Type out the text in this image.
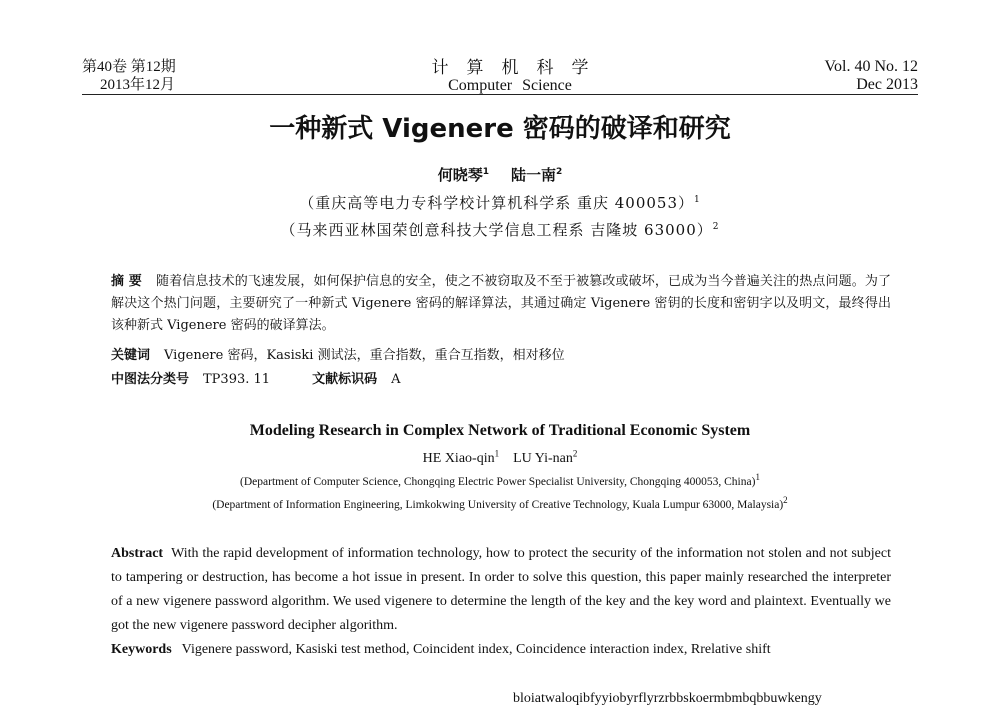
第40卷 第12期
2013年12月
计算机科学
Computer Science
Vol. 40 No. 12
Dec 2013
一种新式 Vigenere 密码的破译和研究
何晓琴$^1$ 陆一南$^2$
（重庆高等电力专科学校计算机科学系 重庆 400053）$^1$
（马来西亚林国荣创意科技大学信息工程系 吉隆坡 63000）$^2$
摘 要 随着信息技术的飞速发展，如何保护信息的安全，使之不被窃取及不至于被篡改或破坏，已成为当今普遍关注的热点问题。为了解决这个热门问题，主要研究了一种新式 Vigenere 密码的解译算法，其通过确定 Vigenere 密钥的长度和密钥字以及明文，最终得出该种新式 Vigenere 密码的破译算法。
关键词 Vigenere 密码，Kasiski 测试法，重合指数，重合互指数，相对移位
中图法分类号 TP393. 11	文献标识码 A
Modeling Research in Complex Network of Traditional Economic System
HE Xiao-qin$^1$ LU Yi-nan$^2$
(Department of Computer Science, Chongqing Electric Power Specialist University, Chongqing 400053, China)$^1$
(Department of Information Engineering, Limkokwing University of Creative Technology, Kuala Lumpur 63000, Malaysia)$^2$
Abstract With the rapid development of information technology, how to protect the security of the information not stolen and not subject to tampering or destruction, has become a hot issue in present. In order to solve this question, this paper mainly researched the interpreter of a new vigenere password algorithm. We used vigenere to determine the length of the key and the key word and plaintext. Eventually we got the new vigenere password decipher algorithm.
Keywords Vigenere password, Kasiski test method, Coincident index, Coincidence interaction index, Rrelative shift
bloiatwaloqibfyyiobyrflyrzrbbskoermbmbqbbuwkengy
